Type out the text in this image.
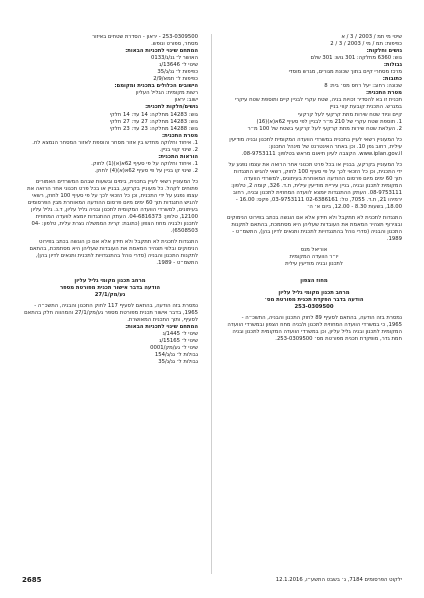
שיטי מי תמ / 2003 / 3 / א

כפיפות: תמ / מי / 2003 / 3 / 2

גושים וחלקות:

גוש: 6360 מחלקה: 301 גוש: 301 שלם

גבולות:

מרכז מסחרי קיים בתוך שכונת מגורים, מגרש מוסדי

כתובות:

שכונה: רחוב: יעל רחס מס׳ בית: 8

מטרת התכנית:

תכנית זו בא להסדיר זכויות בניה, שטח עקרי לבניין קיים ותוספת שטח עיקרי במגרש. התכנית קובעת קווי בניין

קיים וניוד שטח שירות מתת קרקעי לעל קרקעי

1. תוספת שטח עקרי של 210 מ״ר לבניין לפי סעיף 62א(א)(16)

2. העלאת שטח שירות מתת קרקעי לעל קרקעי בשטח של 100 מ״ר

כל המעוניין רשאי לעיין בתכנית במשרדי הוועדה המקומית לתכנון ובניה מודיעין עילית, רחוב גפן 10. וכן באתר האינטרנט של מינהל התכנון: www.iplan.gov.il. הקצבה לעיון תיאום מראש בטלפון: 08-9753111.

כל המעוניין בקרקע, בבניין או בכל פרט תכנוני אחר הרואה את עצמו נפגע על ידי התכנית, וכן כל הזכאי לכך על פי סעיף 100 לחוק, רשאי להגיש התנגדות תוך 60 ימים מיום פרסום ההודעה המאוחרת בעיתונים, למשרדי הוועדה המקומית לתכנון ובניה, בניין עיריית מודיעין עילית, ת.ד. 326, קומה 2, טלפון: 08-9753111. העתק ההתנגדות יומצא לוועדה המחוזית לתכנון ובניה, רחוב ירמיהו 21, ת.ד. 7055, טל: 02-6386161 03-9753111, פקס: 16.00 - 18.00, בשעות 8.30 - 12.00, ביום א׳ ה׳

התנגדות לתכנית לא תתקבל ולא תידון אלא אם הוגשה בכתב בפירוט הנימוקים ובצירוף תצהיר המאמת את העובדות שעליהן היא מסתמכת, בהתאם לתקנות התכנון והבניה (סדרי נוהל בהתנגדויות לתכנית ותנאים לדיון בהן), התשמ״ט - 1989.

אוריאל מנס

יו״ר הוועדה המקומית

לתכנון ובניה מודיעין עילית

מחוז הצפון

מרחב תכנון מקומי גליל עליון

הודעה בדבר הפקדת תכנית מפורטת מס׳

253-0309500

נמסרת בזה הודעה, בהתאם לסעיף 89 לחוק התכנון והבניה, התשכ״ה - 1965, כי במשרדי הוועדה המחוזית לתכנון ולבניה מחוז הצפון ובמשרדי הוועדה המקומית לתכנון ובניה גליל עליון, וכן במשרדי הוועדה המקומית לתכנון ובניה חמת גדר, מופקדת תכנית מפורטת מס׳ 253-0309500.

253-0309500 - יראון - הסדרת שטחים באיזור

מסחר, ספורט ונופש.

המתחם שינוי לתכניות הבאות:

האושר ל־ גנ/ג/0133

שינוי ל־ 13646/ג

כפיפות ל־ גנ/ג/35

כפיפות ל־ תמא/2/9

הישובים הכלולים בתכנית ומקומם:

רשות מקומית: הגליל העליון

ישוב: יראון

גושים/חלקות לתכנית:

גוש: 14283 מחלקה: 14 עד: 14 חלקי

גוש: 14283 מחלקה: 27 עד: 27 חלקי

גוש: 14288 מחלקה: 23 עד: 23 חלקי

מטרת התכנית:

1. איחוד וחלוקה מחדש בין אזור מסחר והוספת לאזור המסחר הנמצא לח.

2. שינוי קווי בניין.

הוראות התכנית:

1. איחוד וחלוקה על פי סעיף 62א(א)(1) לחוק.

2. שינוי קו בניין על פי סעיף 62א(א)(4) לחוק.

כל המעוניין רשאי לעיין בתכנית, בימים ובשעות שבהם המשרדים האמורים פתוחים לקהל. כל מעוניין בקרקע, בבניין או בכל פרט תכנוני אחר הרואה את עצמו נפגע על ידי התכנית, וכן כל הזכאי לכך על פי סעיף 100 לחוק, רשאי להגיש התנגדות תוך 60 ימים מיום פרסום ההודעה המאוחרת מבין הפרסומים בעיתונים, למשרדי הוועדה המקומית לתכנון ובניה גליל עליון, ד.נ. גליל עליון 12100, טלפון: 04-6816373. העתק ההתנגדות יומצא לוועדה המחוזית לתכנון ולבניה מחוז הצפון (כתובת: קרית הממשלה נצרת עלית, טלפון: 04-6508503).

התנגדות לתכנית לא תתקבל ולא תידון אלא אם כן הוגשה בכתב בפירוט הנימוקים ובלווי תצהיר המאמת את העובדות שעליהן היא מסתמכת, בהתאם לתקנות התכנון והבניה (סדרי נוהל בהתנגדויות לתכנית ותנאים לדיון בהן), התשמ״ט - 1989.

מרחב תכנון מקומי גליל עליון

הודעה בדבר אישור תכנית מפורטת מספר

גע/מק/27/1

נמסרת בזה הודעה, בהתאם לסעיף 117 לחוק התכנון והבניה, התשכ״ה - 1965, בדבר אישור תכנית מפורטת מספר גע/מק/27/1 והמהווה חלק בהתאם לסעיף, ותוך התכנית המאושרת.

המתחם שינוי לתכניות הבאות:

שינוי ל־ 1445/ג

שינוי ל־ 15165/ג

שינוי ל־ גע/מק/0001

גבולות ל־ גנ/ג/154

גבולות ל־ גנ/ג/35

2685	ילקוט הפרסומים 7184, ג׳ בשבט התשע״ו, 12.1.2016
